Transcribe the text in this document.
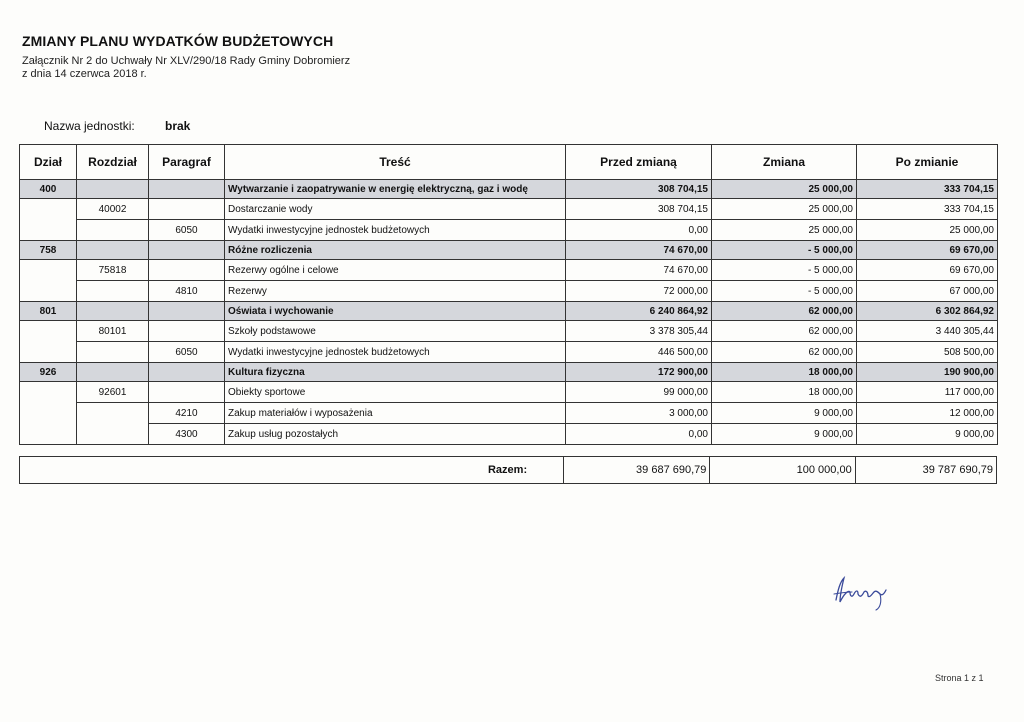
ZMIANY PLANU WYDATKÓW BUDŻETOWYCH
Załącznik Nr 2 do Uchwały Nr XLV/290/18 Rady Gminy Dobromierz
z dnia 14 czerwca 2018 r.
Nazwa jednostki:	brak
Dział	Rozdział	Paragraf	Treść	Przed zmianą	Zmiana	Po zmianie
400			Wytwarzanie i zaopatrywanie w energię elektryczną, gaz i wodę	308 704,15	25 000,00	333 704,15
	40002		Dostarczanie wody	308 704,15	25 000,00	333 704,15
		6050	Wydatki inwestycyjne jednostek budżetowych	0,00	25 000,00	25 000,00
758			Różne rozliczenia	74 670,00	- 5 000,00	69 670,00
	75818		Rezerwy ogólne i celowe	74 670,00	- 5 000,00	69 670,00
		4810	Rezerwy	72 000,00	- 5 000,00	67 000,00
801			Oświata i wychowanie	6 240 864,92	62 000,00	6 302 864,92
	80101		Szkoły podstawowe	3 378 305,44	62 000,00	3 440 305,44
		6050	Wydatki inwestycyjne jednostek budżetowych	446 500,00	62 000,00	508 500,00
926			Kultura fizyczna	172 900,00	18 000,00	190 900,00
	92601		Obiekty sportowe	99 000,00	18 000,00	117 000,00
		4210	Zakup materiałów i wyposażenia	3 000,00	9 000,00	12 000,00
		4300	Zakup usług pozostałych	0,00	9 000,00	9 000,00
Razem:	39 687 690,79	100 000,00	39 787 690,79
Strona 1 z 1
